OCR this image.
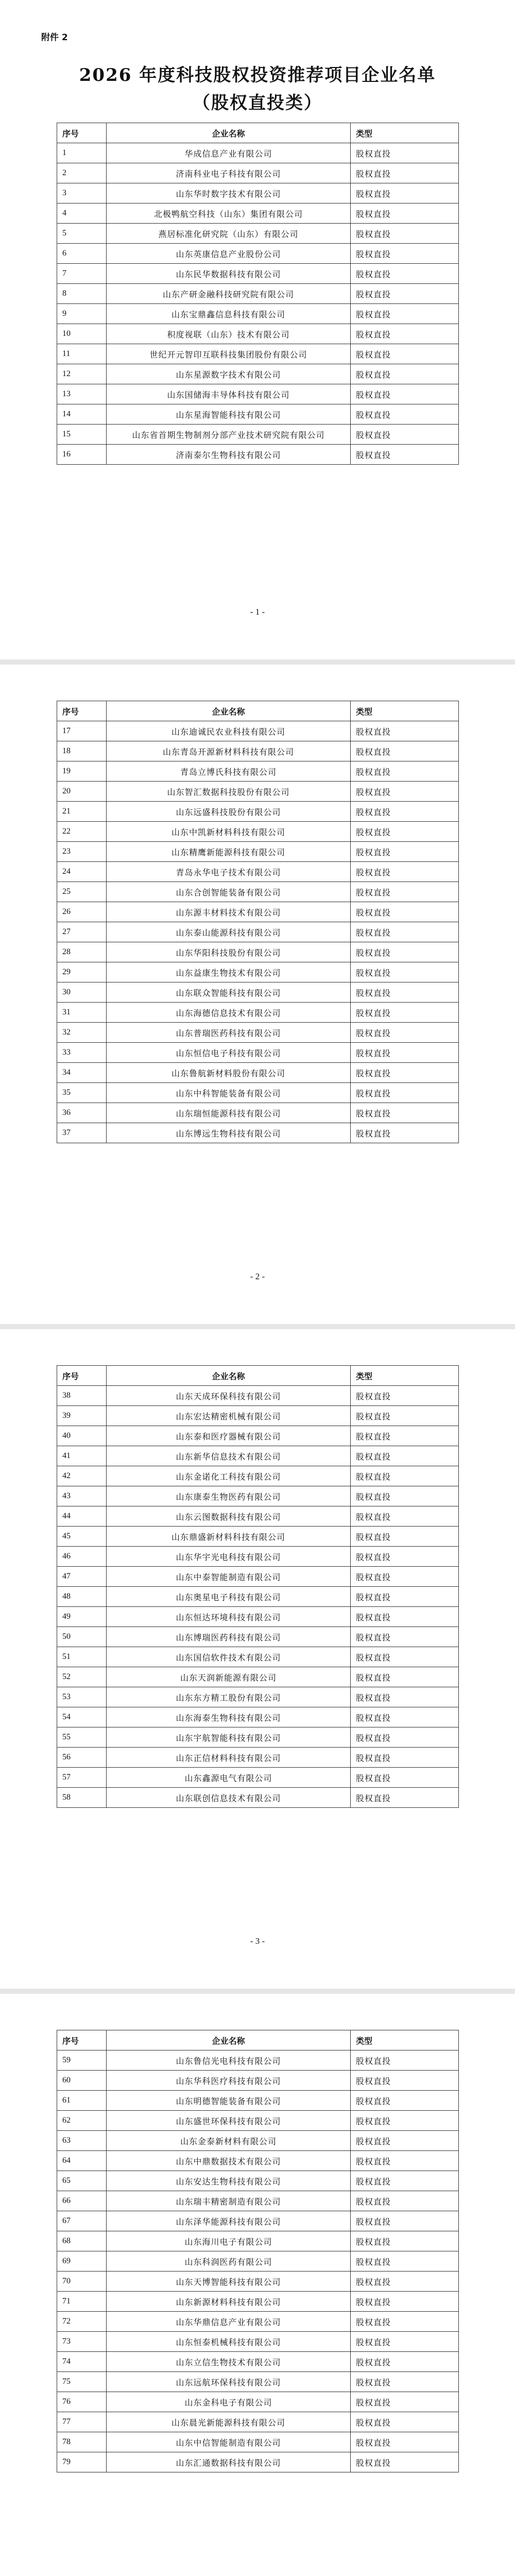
附件 2
2026 年度科技股权投资推荐项目企业名单
（股权直投类）
序号	企业名称	类型
1	华成信息产业有限公司	股权直投
2	济南科业电子科技有限公司	股权直投
3	山东华时数字技术有限公司	股权直投
4	北极鸭航空科技（山东）集团有限公司	股权直投
5	燕居标准化研究院（山东）有限公司	股权直投
6	山东英康信息产业股份公司	股权直投
7	山东民华数据科技有限公司	股权直投
8	山东产研金融科技研究院有限公司	股权直投
9	山东宝鼎鑫信息科技有限公司	股权直投
10	积度视联（山东）技术有限公司	股权直投
11	世纪开元智印互联科技集团股份有限公司	股权直投
12	山东星源数字技术有限公司	股权直投
13	山东国储海丰导体科技有限公司	股权直投
14	山东星海智能科技有限公司	股权直投
15	山东省首期生物制剂分部产业技术研究院有限公司	股权直投
16	济南泰尔生物科技有限公司	股权直投
- 1 -
序号	企业名称	类型
17	山东迪诚民农业科技有限公司	股权直投
18	山东青岛开源新材料科技有限公司	股权直投
19	青岛立博氏科技有限公司	股权直投
20	山东智汇数据科技股份有限公司	股权直投
21	山东远盛科技股份有限公司	股权直投
22	山东中凯新材料科技有限公司	股权直投
23	山东精鹰新能源科技有限公司	股权直投
24	青岛永华电子技术有限公司	股权直投
25	山东合创智能装备有限公司	股权直投
26	山东源丰材料技术有限公司	股权直投
27	山东泰山能源科技有限公司	股权直投
28	山东华阳科技股份有限公司	股权直投
29	山东益康生物技术有限公司	股权直投
30	山东联众智能科技有限公司	股权直投
31	山东海德信息技术有限公司	股权直投
32	山东普瑞医药科技有限公司	股权直投
33	山东恒信电子科技有限公司	股权直投
34	山东鲁航新材料股份有限公司	股权直投
35	山东中科智能装备有限公司	股权直投
36	山东瑞恒能源科技有限公司	股权直投
37	山东博远生物科技有限公司	股权直投
- 2 -
序号	企业名称	类型
38	山东天成环保科技有限公司	股权直投
39	山东宏达精密机械有限公司	股权直投
40	山东泰和医疗器械有限公司	股权直投
41	山东新华信息技术有限公司	股权直投
42	山东金诺化工科技有限公司	股权直投
43	山东康泰生物医药有限公司	股权直投
44	山东云图数据科技有限公司	股权直投
45	山东鼎盛新材料科技有限公司	股权直投
46	山东华宇光电科技有限公司	股权直投
47	山东中泰智能制造有限公司	股权直投
48	山东奥星电子科技有限公司	股权直投
49	山东恒达环境科技有限公司	股权直投
50	山东博瑞医药科技有限公司	股权直投
51	山东国信软件技术有限公司	股权直投
52	山东天润新能源有限公司	股权直投
53	山东东方精工股份有限公司	股权直投
54	山东海泰生物科技有限公司	股权直投
55	山东宇航智能科技有限公司	股权直投
56	山东正信材料科技有限公司	股权直投
57	山东鑫源电气有限公司	股权直投
58	山东联创信息技术有限公司	股权直投
- 3 -
序号	企业名称	类型
59	山东鲁信光电科技有限公司	股权直投
60	山东华科医疗科技有限公司	股权直投
61	山东明德智能装备有限公司	股权直投
62	山东盛世环保科技有限公司	股权直投
63	山东金泰新材料有限公司	股权直投
64	山东中鼎数据技术有限公司	股权直投
65	山东安达生物科技有限公司	股权直投
66	山东瑞丰精密制造有限公司	股权直投
67	山东泽华能源科技有限公司	股权直投
68	山东海川电子有限公司	股权直投
69	山东科润医药有限公司	股权直投
70	山东天博智能科技有限公司	股权直投
71	山东新源材料科技有限公司	股权直投
72	山东华鼎信息产业有限公司	股权直投
73	山东恒泰机械科技有限公司	股权直投
74	山东立信生物技术有限公司	股权直投
75	山东远航环保科技有限公司	股权直投
76	山东金科电子有限公司	股权直投
77	山东晨光新能源科技有限公司	股权直投
78	山东中信智能制造有限公司	股权直投
79	山东汇通数据科技有限公司	股权直投
